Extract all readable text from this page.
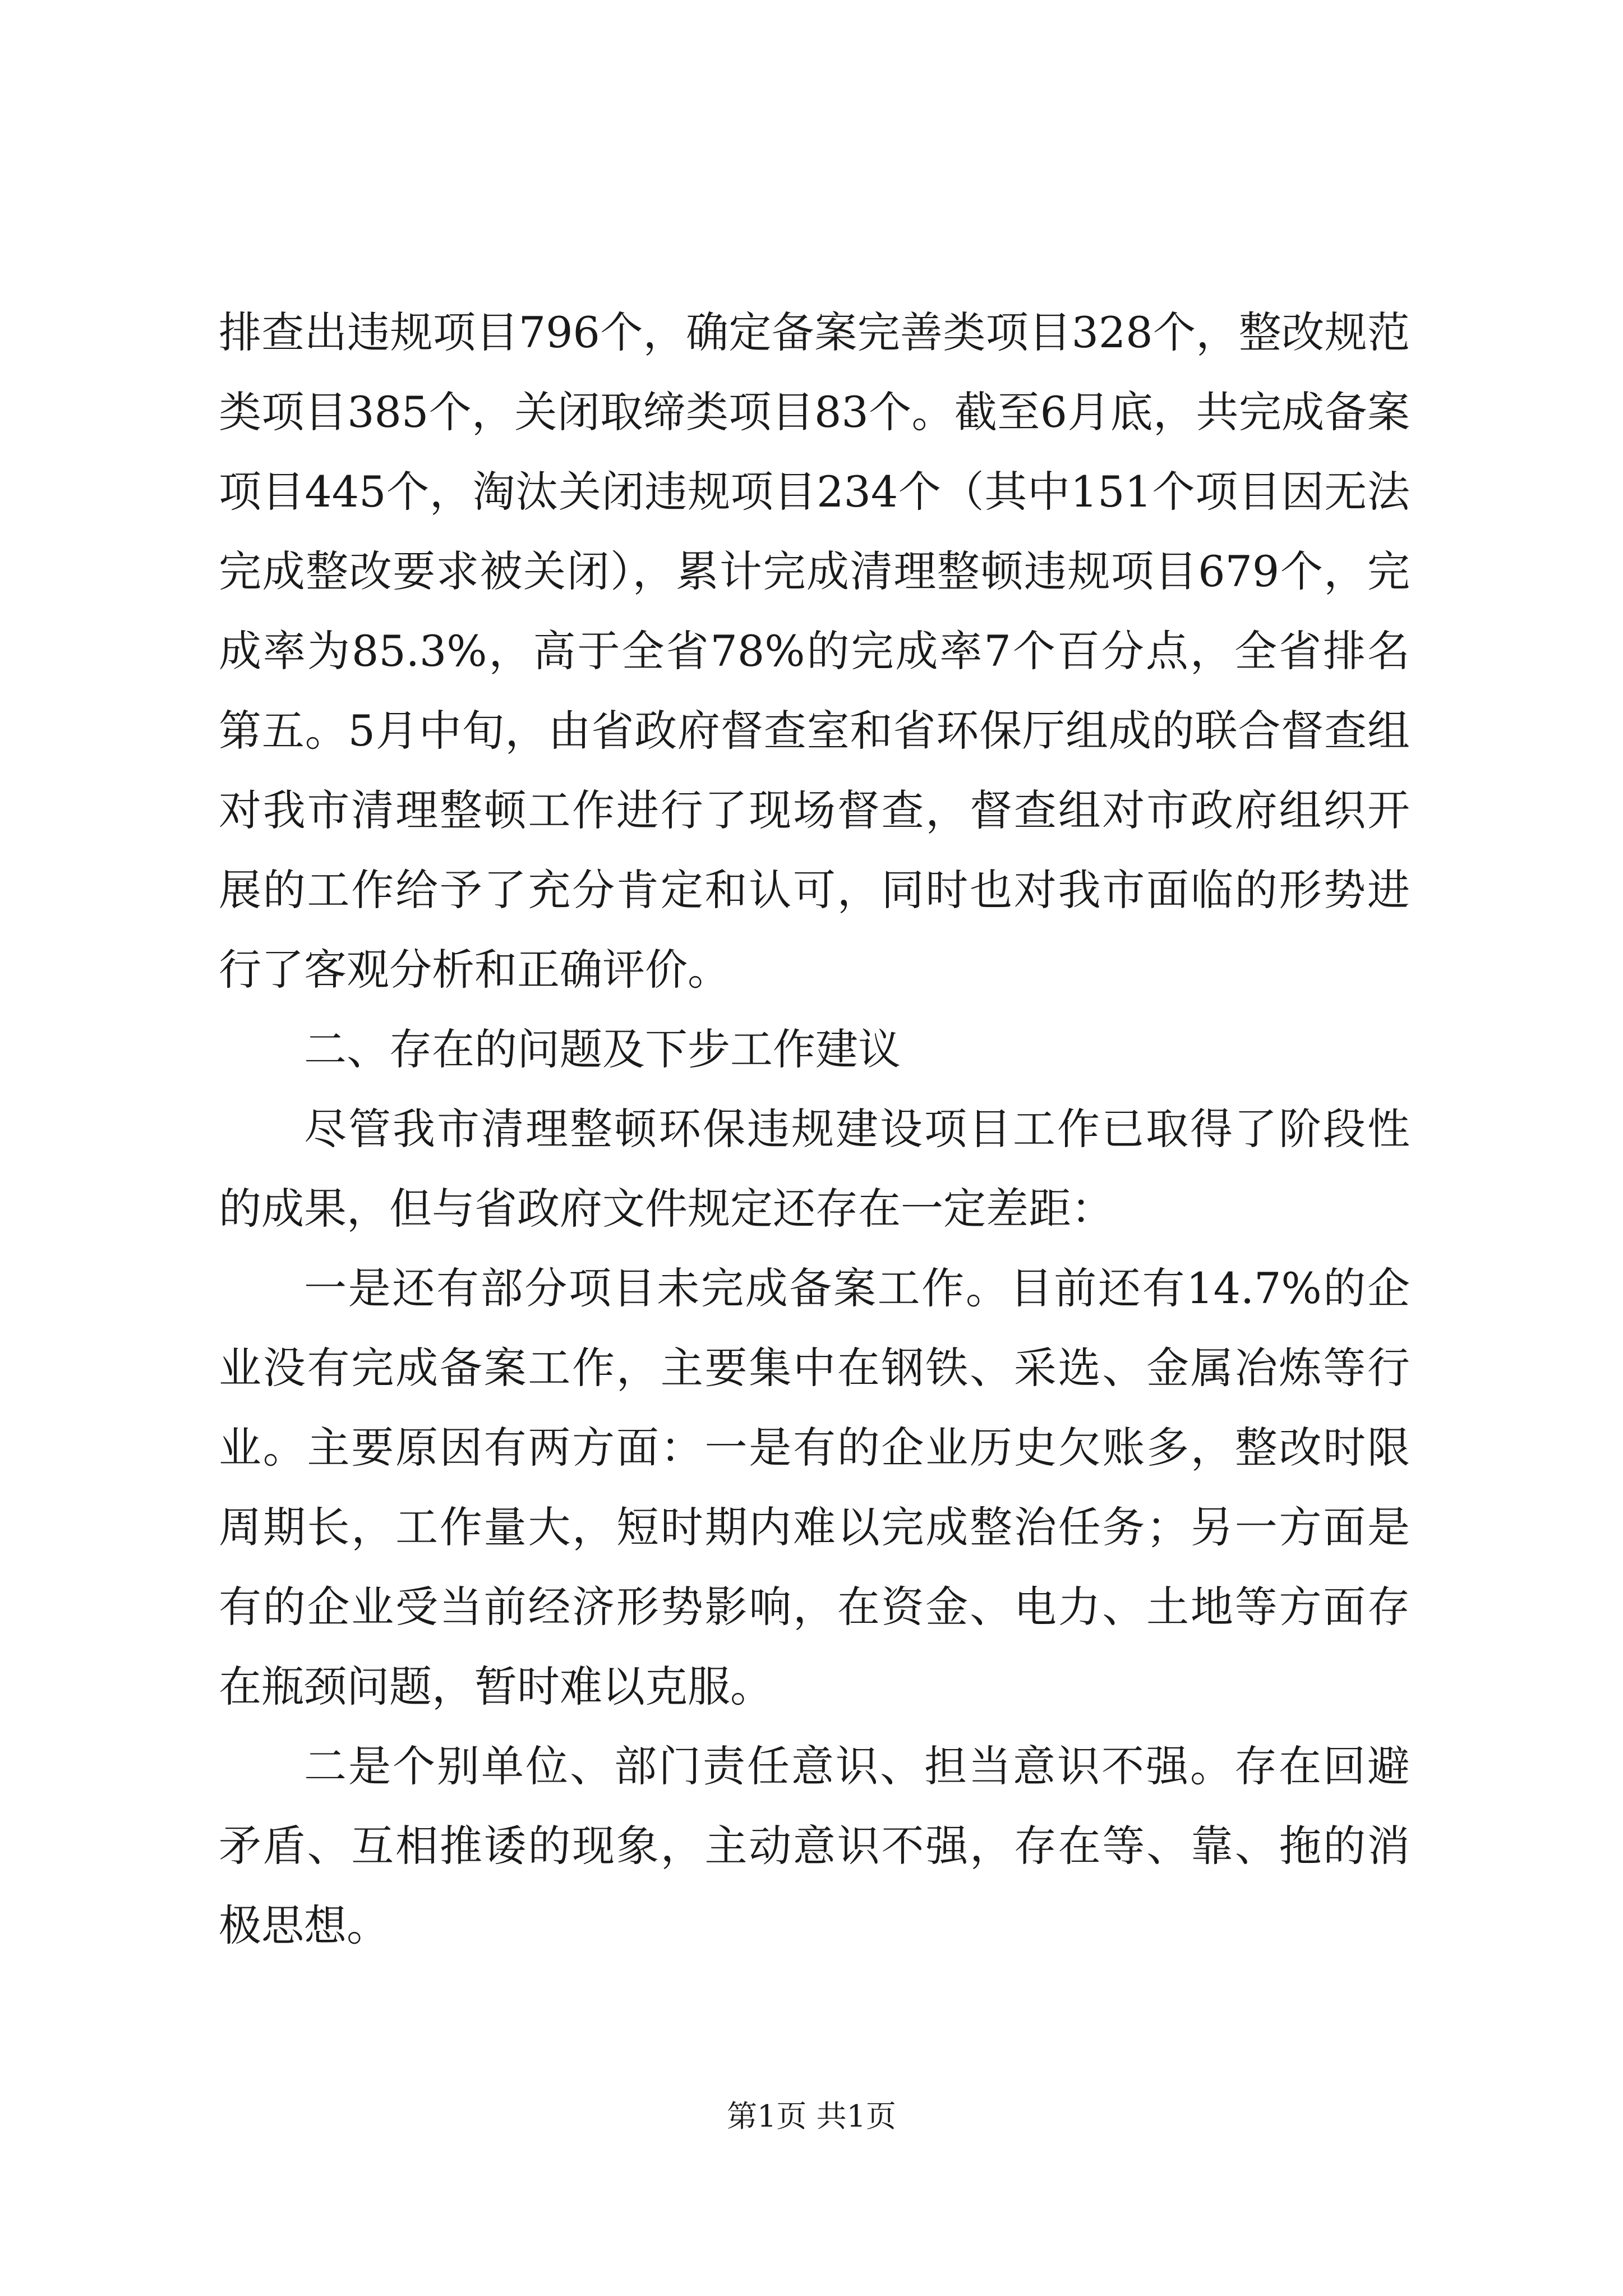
排查出违规项目796个，确定备案完善类项目328个，整改规范类项目385个，关闭取缔类项目83个。截至6月底，共完成备案项目445个，淘汰关闭违规项目234个（其中151个项目因无法完成整改要求被关闭），累计完成清理整顿违规项目679个，完成率为85.3%，高于全省78%的完成率7个百分点，全省排名第五。5月中旬，由省政府督查室和省环保厅组成的联合督查组对我市清理整顿工作进行了现场督查，督查组对市政府组织开展的工作给予了充分肯定和认可，同时也对我市面临的形势进行了客观分析和正确评价。

二、存在的问题及下步工作建议

尽管我市清理整顿环保违规建设项目工作已取得了阶段性的成果，但与省政府文件规定还存在一定差距：

一是还有部分项目未完成备案工作。目前还有14.7%的企业没有完成备案工作，主要集中在钢铁、采选、金属冶炼等行业。主要原因有两方面：一是有的企业历史欠账多，整改时限周期长，工作量大，短时期内难以完成整治任务；另一方面是有的企业受当前经济形势影响，在资金、电力、土地等方面存在瓶颈问题，暂时难以克服。

二是个别单位、部门责任意识、担当意识不强。存在回避矛盾、互相推诿的现象，主动意识不强，存在等、靠、拖的消极思想。

第1页 共1页
